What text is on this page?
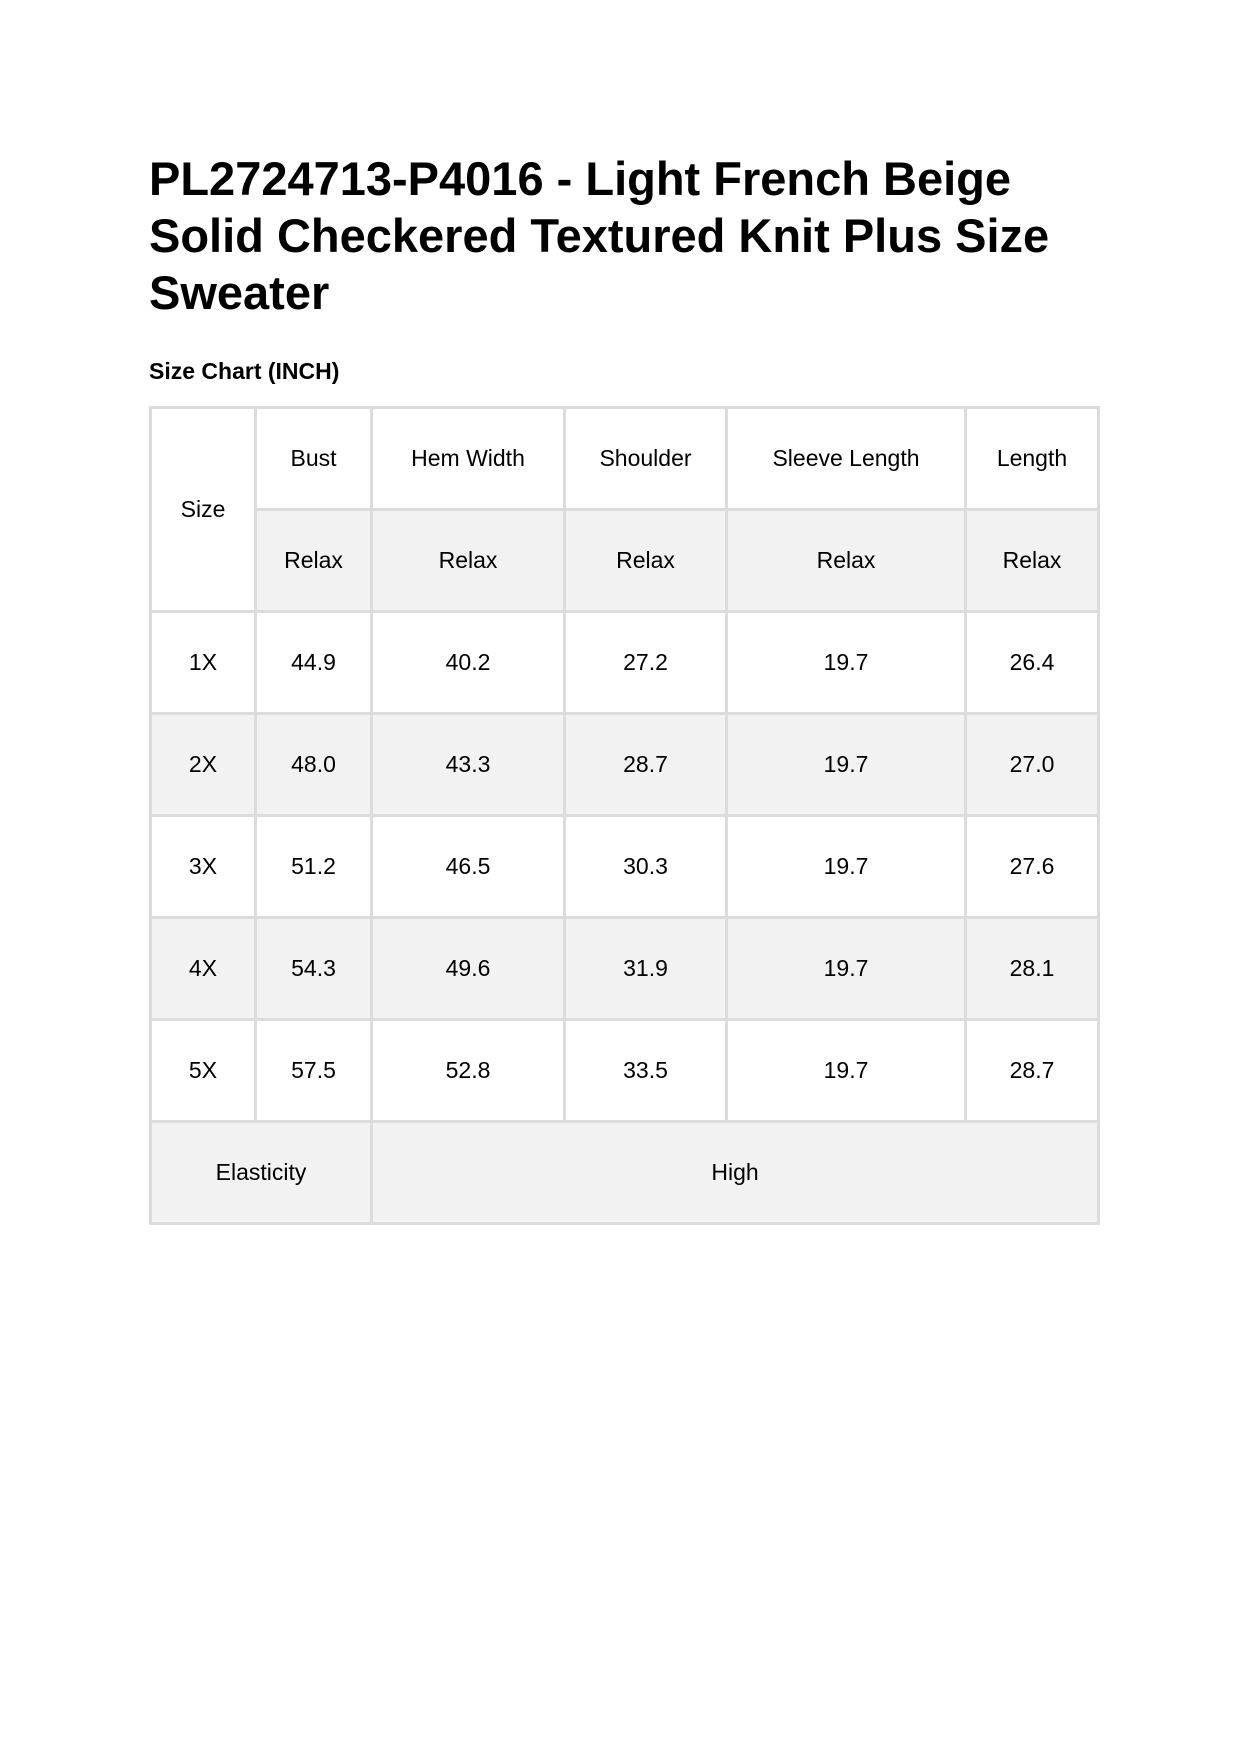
PL2724713-P4016 - Light French Beige Solid Checkered Textured Knit Plus Size Sweater
Size Chart (INCH)
Size	Bust	Hem Width	Shoulder	Sleeve Length	Length
	Relax	Relax	Relax	Relax	Relax
1X	44.9	40.2	27.2	19.7	26.4
2X	48.0	43.3	28.7	19.7	27.0
3X	51.2	46.5	30.3	19.7	27.6
4X	54.3	49.6	31.9	19.7	28.1
5X	57.5	52.8	33.5	19.7	28.7
Elasticity		High			
